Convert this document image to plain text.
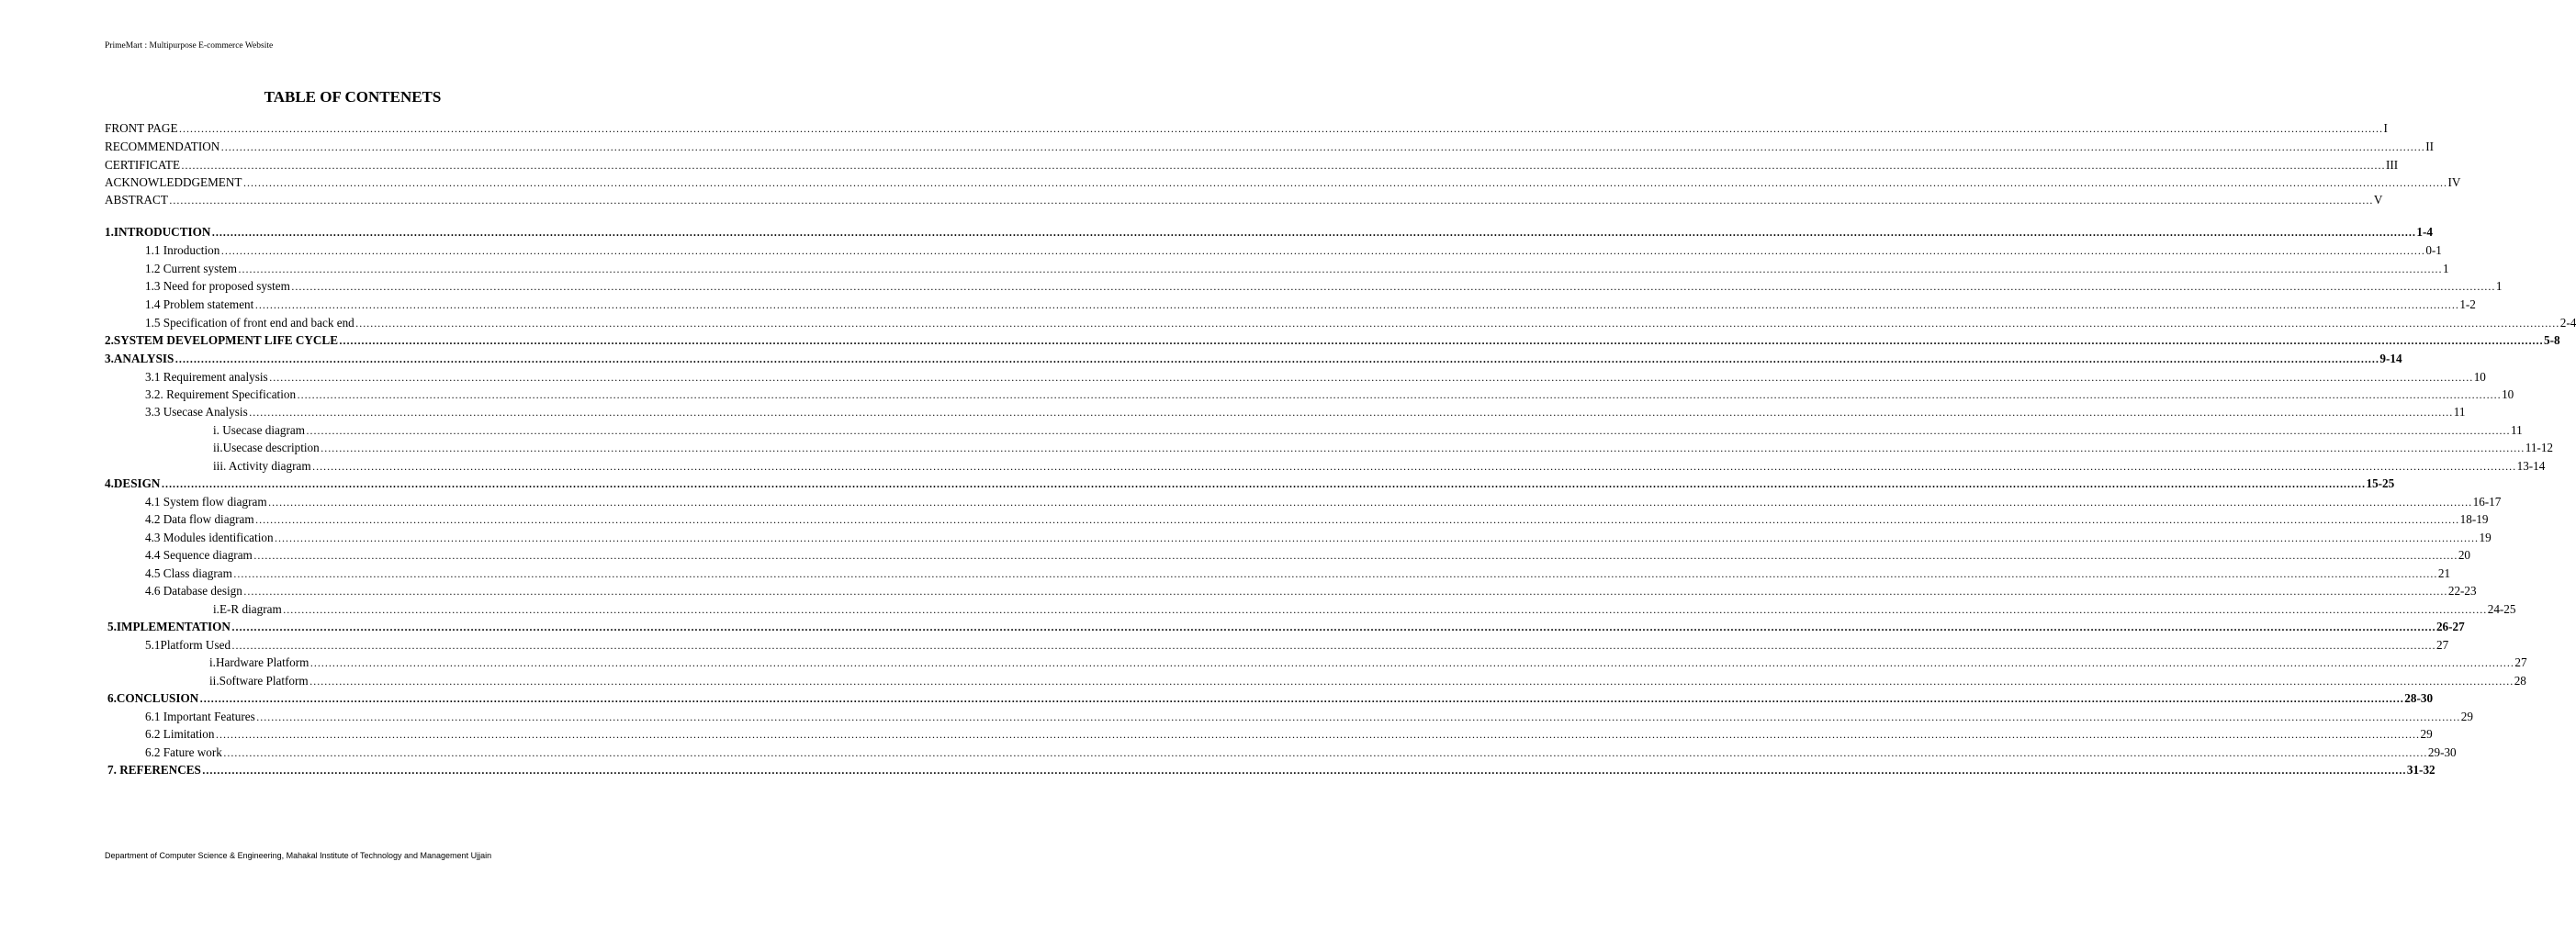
PrimeMart : Multipurpose E-commerce Website
TABLE OF CONTENETS
FRONT PAGE …………………………………………………………………………………………………………………………………………………………………………………………………………………………………………………………………………………………………………………………………………………………………………………………………………………………………………………………………………………………………………………………………………………… I
RECOMMENDATION …………………………………………………………………………………………………………………………………………………………………………………………………………………………………………………………………………………………………………………………………………………………………………………………………………………………………………………………………………………………………………………………………………………… II
CERTIFICATE …………………………………………………………………………………………………………………………………………………………………………………………………………………………………………………………………………………………………………………………………………………………………………………………………………………………………………………………………………………………………………………………………………………… III
ACKNOWLEDDGEMENT …………………………………………………………………………………………………………………………………………………………………………………………………………………………………………………………………………………………………………………………………………………………………………………………………………………………………………………………………………………………………………………………………………………… IV
ABSTRACT …………………………………………………………………………………………………………………………………………………………………………………………………………………………………………………………………………………………………………………………………………………………………………………………………………………………………………………………………………………………………………………………………………………… V
1.INTRODUCTION …………………………………………………………………………………………………………………………………………………………………………………………………………………………………………………………………………………………………………………………………………………………………………………………………………………………………………………………………………………………………………………………………………………… 1-4
1.1 Inroduction …………………………………………………………………………………………………………………………………………………………………………………………………………………………………………………………………………………………………………………………………………………………………………………………………………………………………………………………………………………………………………………………………………………… 0-1
1.2 Current system …………………………………………………………………………………………………………………………………………………………………………………………………………………………………………………………………………………………………………………………………………………………………………………………………………………………………………………………………………………………………………………………………………………… 1
1.3 Need for proposed system …………………………………………………………………………………………………………………………………………………………………………………………………………………………………………………………………………………………………………………………………………………………………………………………………………………………………………………………………………………………………………………………………………………… 1
1.4 Problem statement …………………………………………………………………………………………………………………………………………………………………………………………………………………………………………………………………………………………………………………………………………………………………………………………………………………………………………………………………………………………………………………………………………………… 1-2
1.5 Specification of front end and back end …………………………………………………………………………………………………………………………………………………………………………………………………………………………………………………………………………………………………………………………………………………………………………………………………………………………………………………………………………………………………………………………………………………… 2-4
2.SYSTEM DEVELOPMENT LIFE CYCLE …………………………………………………………………………………………………………………………………………………………………………………………………………………………………………………………………………………………………………………………………………………………………………………………………………………………………………………………………………………………………………………………………………………… 5-8
3.ANALYSIS …………………………………………………………………………………………………………………………………………………………………………………………………………………………………………………………………………………………………………………………………………………………………………………………………………………………………………………………………………………………………………………………………………………… 9-14
3.1 Requirement analysis …………………………………………………………………………………………………………………………………………………………………………………………………………………………………………………………………………………………………………………………………………………………………………………………………………………………………………………………………………………………………………………………………………………… 10
3.2. Requirement Specification …………………………………………………………………………………………………………………………………………………………………………………………………………………………………………………………………………………………………………………………………………………………………………………………………………………………………………………………………………………………………………………………………………………… 10
3.3 Usecase Analysis …………………………………………………………………………………………………………………………………………………………………………………………………………………………………………………………………………………………………………………………………………………………………………………………………………………………………………………………………………………………………………………………………………………… 11
i. Usecase diagram …………………………………………………………………………………………………………………………………………………………………………………………………………………………………………………………………………………………………………………………………………………………………………………………………………………………………………………………………………………………………………………………………………………… 11
ii.Usecase description …………………………………………………………………………………………………………………………………………………………………………………………………………………………………………………………………………………………………………………………………………………………………………………………………………………………………………………………………………………………………………………………………………………… 11-12
iii. Activity diagram …………………………………………………………………………………………………………………………………………………………………………………………………………………………………………………………………………………………………………………………………………………………………………………………………………………………………………………………………………………………………………………………………………………… 13-14
4.DESIGN …………………………………………………………………………………………………………………………………………………………………………………………………………………………………………………………………………………………………………………………………………………………………………………………………………………………………………………………………………………………………………………………………………………… 15-25
4.1 System flow diagram …………………………………………………………………………………………………………………………………………………………………………………………………………………………………………………………………………………………………………………………………………………………………………………………………………………………………………………………………………………………………………………………………………………… 16-17
4.2 Data flow diagram …………………………………………………………………………………………………………………………………………………………………………………………………………………………………………………………………………………………………………………………………………………………………………………………………………………………………………………………………………………………………………………………………………………… 18-19
4.3 Modules identification …………………………………………………………………………………………………………………………………………………………………………………………………………………………………………………………………………………………………………………………………………………………………………………………………………………………………………………………………………………………………………………………………………………… 19
4.4 Sequence diagram …………………………………………………………………………………………………………………………………………………………………………………………………………………………………………………………………………………………………………………………………………………………………………………………………………………………………………………………………………………………………………………………………………………… 20
4.5 Class diagram …………………………………………………………………………………………………………………………………………………………………………………………………………………………………………………………………………………………………………………………………………………………………………………………………………………………………………………………………………………………………………………………………………………… 21
4.6 Database design …………………………………………………………………………………………………………………………………………………………………………………………………………………………………………………………………………………………………………………………………………………………………………………………………………………………………………………………………………………………………………………………………………………… 22-23
i.E-R diagram …………………………………………………………………………………………………………………………………………………………………………………………………………………………………………………………………………………………………………………………………………………………………………………………………………………………………………………………………………………………………………………………………………………… 24-25
5.IMPLEMENTATION …………………………………………………………………………………………………………………………………………………………………………………………………………………………………………………………………………………………………………………………………………………………………………………………………………………………………………………………………………………………………………………………………………………… 26-27
5.1Platform Used …………………………………………………………………………………………………………………………………………………………………………………………………………………………………………………………………………………………………………………………………………………………………………………………………………………………………………………………………………………………………………………………………………………… 27
i.Hardware Platform …………………………………………………………………………………………………………………………………………………………………………………………………………………………………………………………………………………………………………………………………………………………………………………………………………………………………………………………………………………………………………………………………………………… 27
ii.Software Platform …………………………………………………………………………………………………………………………………………………………………………………………………………………………………………………………………………………………………………………………………………………………………………………………………………………………………………………………………………………………………………………………………………………… 28
6.CONCLUSION …………………………………………………………………………………………………………………………………………………………………………………………………………………………………………………………………………………………………………………………………………………………………………………………………………………………………………………………………………………………………………………………………………………… 28-30
6.1 Important Features …………………………………………………………………………………………………………………………………………………………………………………………………………………………………………………………………………………………………………………………………………………………………………………………………………………………………………………………………………………………………………………………………………………… 29
6.2 Limitation …………………………………………………………………………………………………………………………………………………………………………………………………………………………………………………………………………………………………………………………………………………………………………………………………………………………………………………………………………………………………………………………………………………… 29
6.2 Fature work …………………………………………………………………………………………………………………………………………………………………………………………………………………………………………………………………………………………………………………………………………………………………………………………………………………………………………………………………………………………………………………………………………………… 29-30
7. REFERENCES …………………………………………………………………………………………………………………………………………………………………………………………………………………………………………………………………………………………………………………………………………………………………………………………………………………………………………………………………………………………………………………………………………………… 31-32
Department of Computer Science & Engineering, Mahakal Institute of Technology and Management Ujjain
